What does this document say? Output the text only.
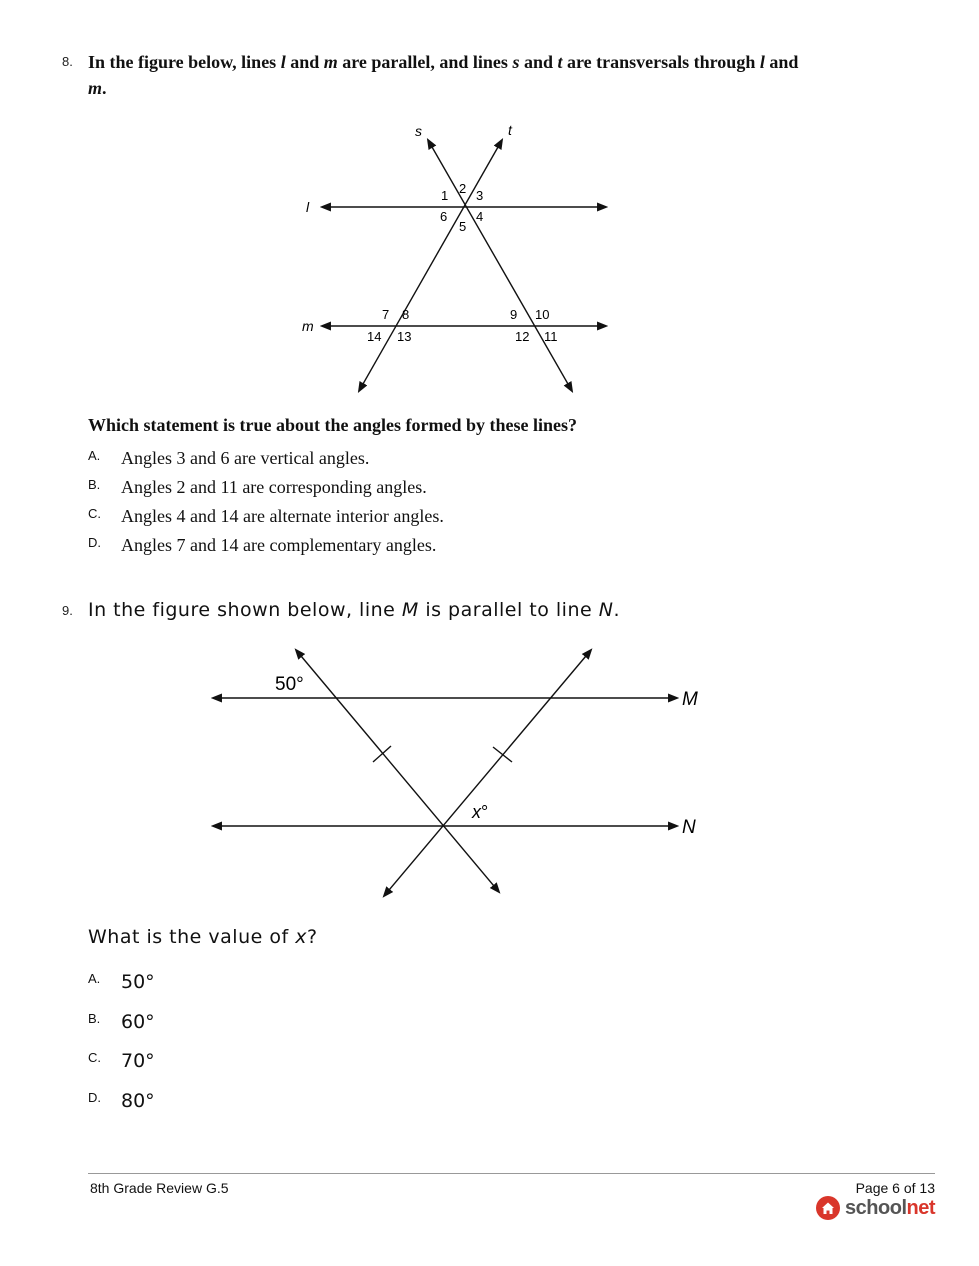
8. In the figure below, lines l and m are parallel, and lines s and t are transversals through l and
m.
s	t
l
m
1 2 3
4
5
6
7 8	9 10
11
12
13
14
Which statement is true about the angles formed by these lines?
A. Angles 3 and 6 are vertical angles.
B. Angles 2 and 11 are corresponding angles.
C. Angles 4 and 14 are alternate interior angles.
D. Angles 7 and 14 are complementary angles.
9. In the figure shown below, line M is parallel to line N.
50°
x°
M
N
What is the value of x?
A. 50°
B. 60°
C. 70°
D. 80°
8th Grade Review G.5	Page 6 of 13
schoolnet
